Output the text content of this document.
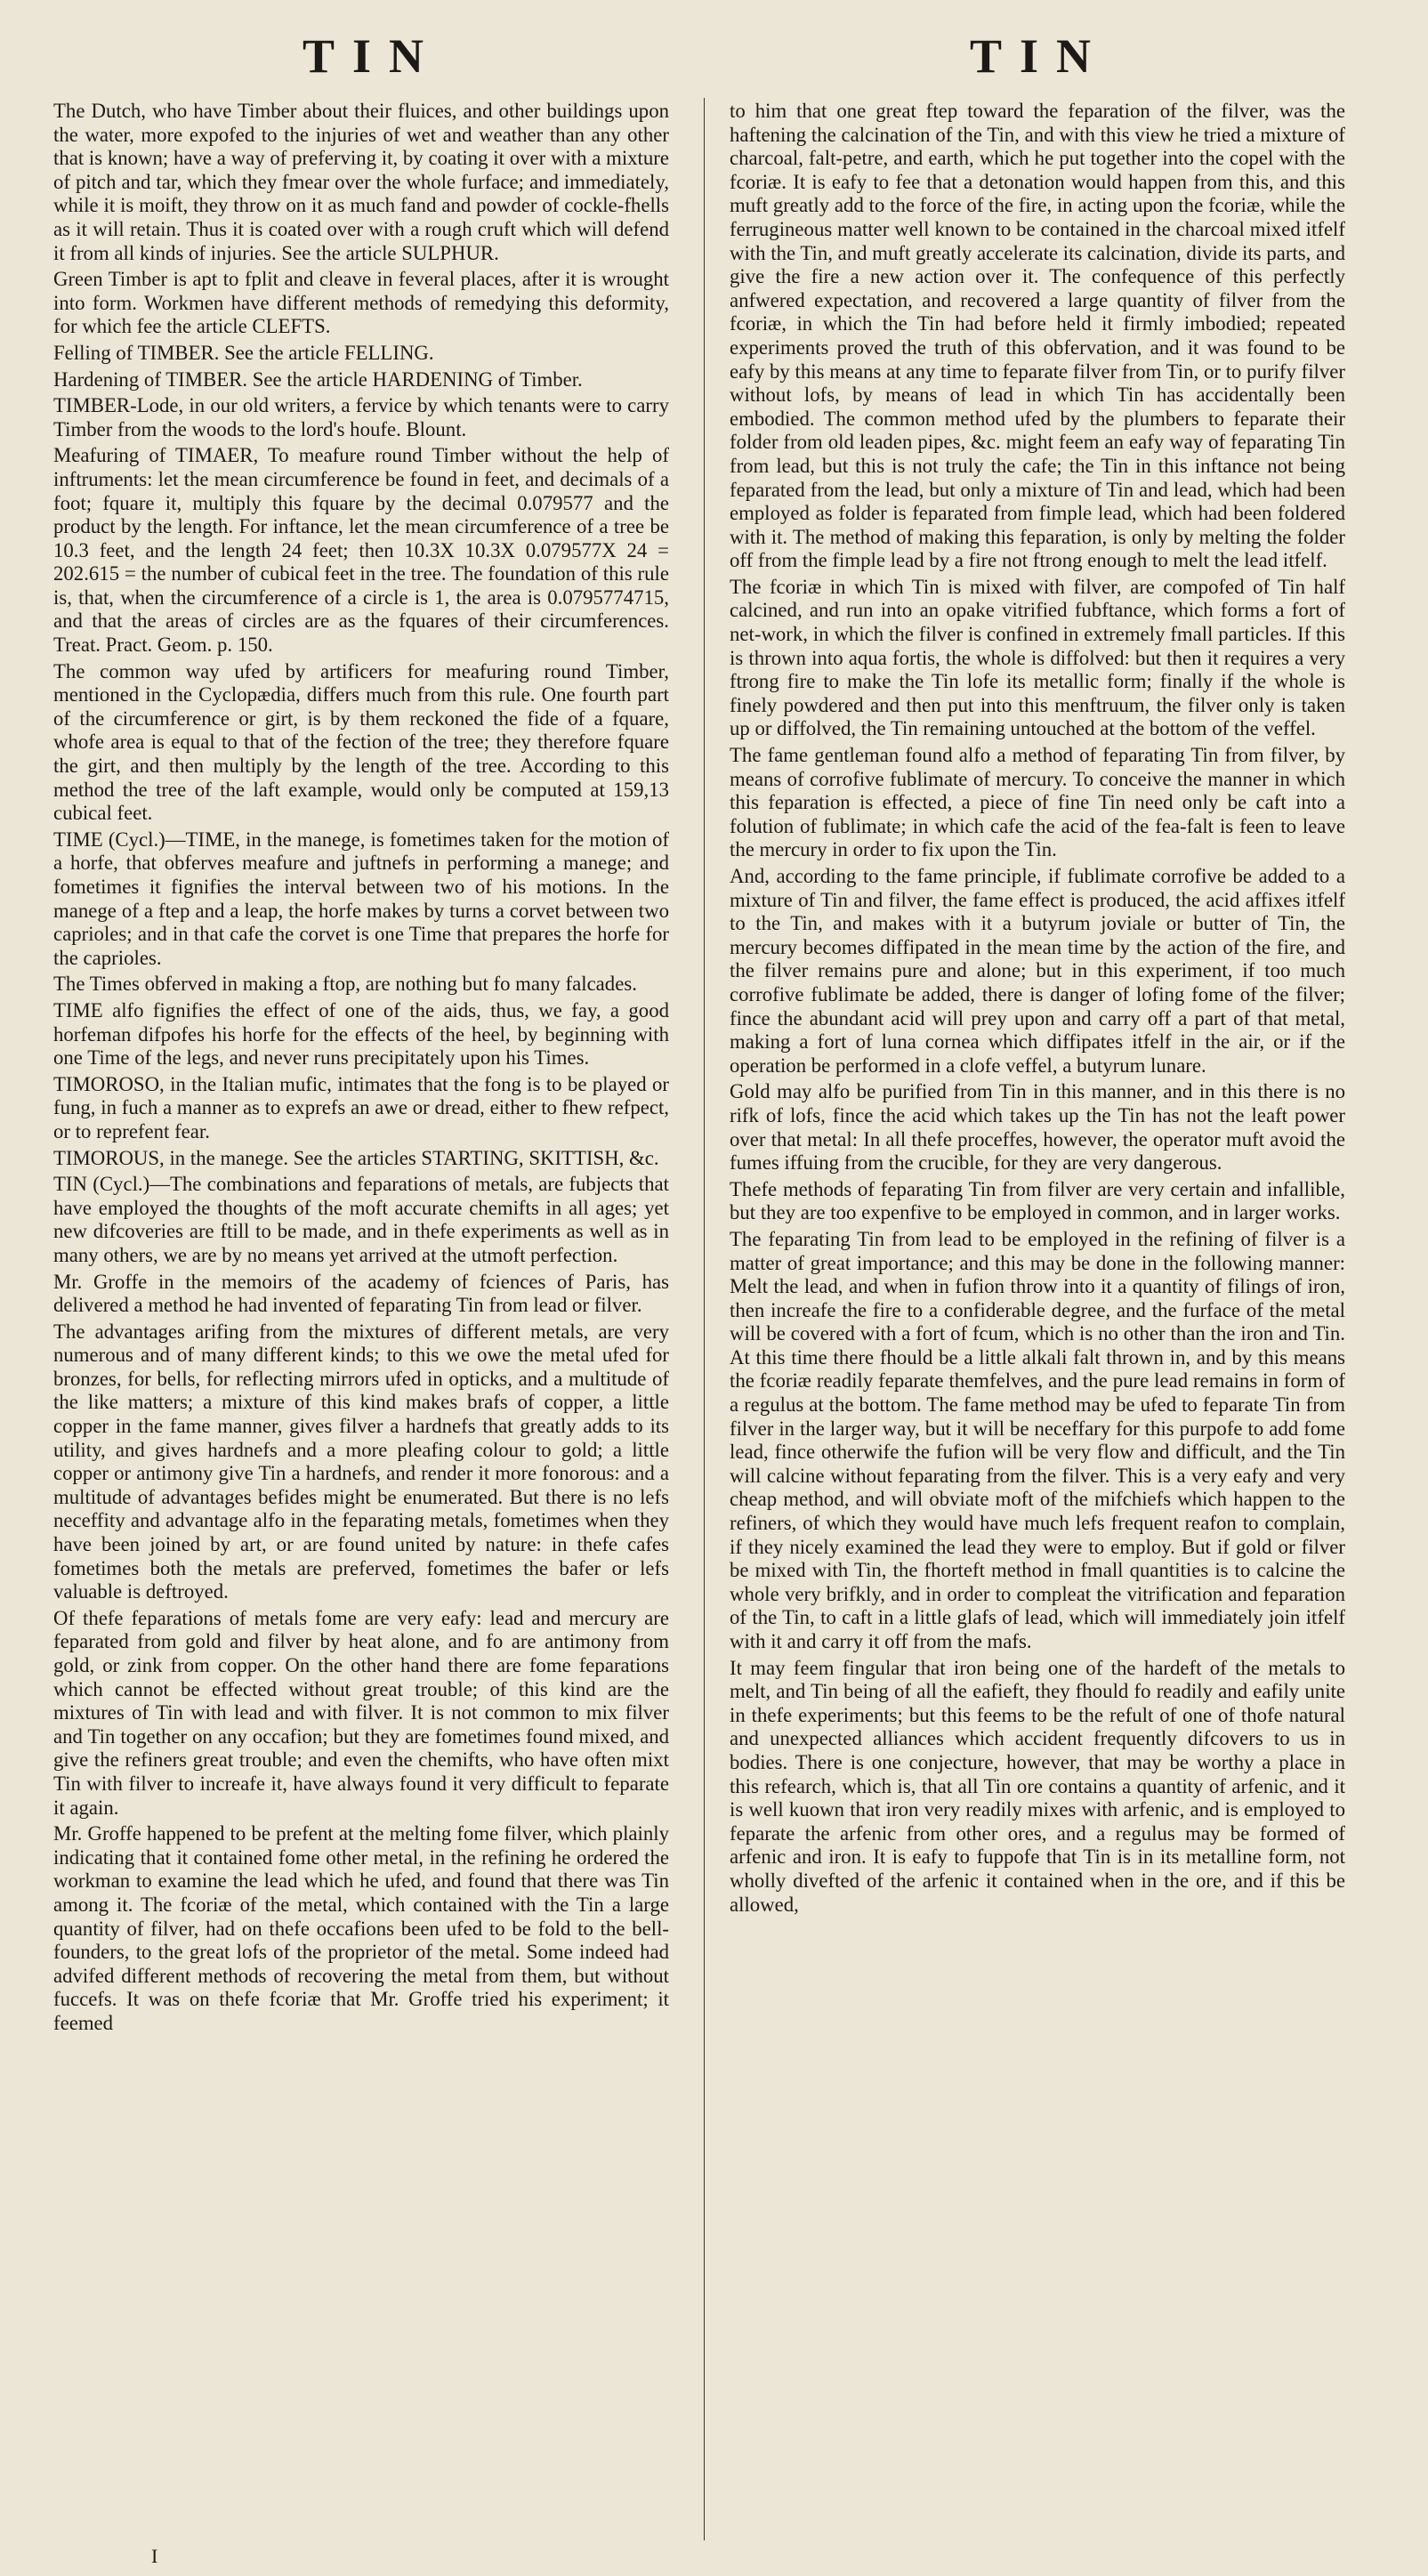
TIN	TIN

The Dutch, who have Timber about their fluices, and other buildings upon the water, more expofed to the injuries of wet and weather than any other that is known; have a way of preferving it, by coating it over with a mixture of pitch and tar, which they fmear over the whole furface; and immediately, while it is moift, they throw on it as much fand and powder of cockle-fhells as it will retain. Thus it is coated over with a rough cruft which will defend it from all kinds of injuries. See the article SULPHUR.

Green Timber is apt to fplit and cleave in feveral places, after it is wrought into form. Workmen have different methods of remedying this deformity, for which fee the article CLEFTS.

Felling of TIMBER. See the article FELLING.

Hardening of TIMBER. See the article HARDENING of Timber.

TIMBER-Lode, in our old writers, a fervice by which tenants were to carry Timber from the woods to the lord's houfe. Blount.

Meafuring of TIMAER, To meafure round Timber without the help of inftruments: let the mean circumference be found in feet, and decimals of a foot; fquare it, multiply this fquare by the decimal 0.079577 and the product by the length. For inftance, let the mean circumference of a tree be 10.3 feet, and the length 24 feet; then 10.3X 10.3X 0.079577X 24 = 202.615 = the number of cubical feet in the tree. The foundation of this rule is, that, when the circumference of a circle is 1, the area is 0.0795774715, and that the areas of circles are as the fquares of their circumferences. Treat. Pract. Geom. p. 150.

The common way ufed by artificers for meafuring round Timber, mentioned in the Cyclopædia, differs much from this rule. One fourth part of the circumference or girt, is by them reckoned the fide of a fquare, whofe area is equal to that of the fection of the tree; they therefore fquare the girt, and then multiply by the length of the tree. According to this method the tree of the laft example, would only be computed at 159,13 cubical feet.

TIME (Cycl.)—TIME, in the manege, is fometimes taken for the motion of a horfe, that obferves meafure and juftnefs in performing a manege; and fometimes it fignifies the interval between two of his motions. In the manege of a ftep and a leap, the horfe makes by turns a corvet between two caprioles; and in that cafe the corvet is one Time that prepares the horfe for the caprioles.

The Times obferved in making a ftop, are nothing but fo many falcades.

TIME alfo fignifies the effect of one of the aids, thus, we fay, a good horfeman difpofes his horfe for the effects of the heel, by beginning with one Time of the legs, and never runs precipitately upon his Times.

TIMOROSO, in the Italian mufic, intimates that the fong is to be played or fung, in fuch a manner as to exprefs an awe or dread, either to fhew refpect, or to reprefent fear.

TIMOROUS, in the manege. See the articles STARTING, SKITTISH, &c.

TIN (Cycl.)—The combinations and feparations of metals, are fubjects that have employed the thoughts of the moft accurate chemifts in all ages; yet new difcoveries are ftill to be made, and in thefe experiments as well as in many others, we are by no means yet arrived at the utmoft perfection.

Mr. Groffe in the memoirs of the academy of fciences of Paris, has delivered a method he had invented of feparating Tin from lead or filver.

The advantages arifing from the mixtures of different metals, are very numerous and of many different kinds; to this we owe the metal ufed for bronzes, for bells, for reflecting mirrors ufed in opticks, and a multitude of the like matters; a mixture of this kind makes brafs of copper, a little copper in the fame manner, gives filver a hardnefs that greatly adds to its utility, and gives hardnefs and a more pleafing colour to gold; a little copper or antimony give Tin a hardnefs, and render it more fonorous: and a multitude of advantages befides might be enumerated. But there is no lefs neceffity and advantage alfo in the feparating metals, fometimes when they have been joined by art, or are found united by nature: in thefe cafes fometimes both the metals are preferved, fometimes the bafer or lefs valuable is deftroyed.

Of thefe feparations of metals fome are very eafy: lead and mercury are feparated from gold and filver by heat alone, and fo are antimony from gold, or zink from copper. On the other hand there are fome feparations which cannot be effected without great trouble; of this kind are the mixtures of Tin with lead and with filver. It is not common to mix filver and Tin together on any occafion; but they are fometimes found mixed, and give the refiners great trouble; and even the chemifts, who have often mixt Tin with filver to increafe it, have always found it very difficult to feparate it again.

Mr. Groffe happened to be prefent at the melting fome filver, which plainly indicating that it contained fome other metal, in the refining he ordered the workman to examine the lead which he ufed, and found that there was Tin among it. The fcoriæ of the metal, which contained with the Tin a large quantity of filver, had on thefe occafions been ufed to be fold to the bell-founders, to the great lofs of the proprietor of the metal. Some indeed had advifed different methods of recovering the metal from them, but without fuccefs. It was on thefe fcoriæ that Mr. Groffe tried his experiment; it feemed

to him that one great ftep toward the feparation of the filver, was the haftening the calcination of the Tin, and with this view he tried a mixture of charcoal, falt-petre, and earth, which he put together into the copel with the fcoriæ. It is eafy to fee that a detonation would happen from this, and this muft greatly add to the force of the fire, in acting upon the fcoriæ, while the ferrugineous matter well known to be contained in the charcoal mixed itfelf with the Tin, and muft greatly accelerate its calcination, divide its parts, and give the fire a new action over it. The confequence of this perfectly anfwered expectation, and recovered a large quantity of filver from the fcoriæ, in which the Tin had before held it firmly imbodied; repeated experiments proved the truth of this obfervation, and it was found to be eafy by this means at any time to feparate filver from Tin, or to purify filver without lofs, by means of lead in which Tin has accidentally been embodied. The common method ufed by the plumbers to feparate their folder from old leaden pipes, &c. might feem an eafy way of feparating Tin from lead, but this is not truly the cafe; the Tin in this inftance not being feparated from the lead, but only a mixture of Tin and lead, which had been employed as folder is feparated from fimple lead, which had been foldered with it. The method of making this feparation, is only by melting the folder off from the fimple lead by a fire not ftrong enough to melt the lead itfelf.

The fcoriæ in which Tin is mixed with filver, are compofed of Tin half calcined, and run into an opake vitrified fubftance, which forms a fort of net-work, in which the filver is confined in extremely fmall particles. If this is thrown into aqua fortis, the whole is diffolved: but then it requires a very ftrong fire to make the Tin lofe its metallic form; finally if the whole is finely powdered and then put into this menftruum, the filver only is taken up or diffolved, the Tin remaining untouched at the bottom of the veffel.

The fame gentleman found alfo a method of feparating Tin from filver, by means of corrofive fublimate of mercury. To conceive the manner in which this feparation is effected, a piece of fine Tin need only be caft into a folution of fublimate; in which cafe the acid of the fea-falt is feen to leave the mercury in order to fix upon the Tin.

And, according to the fame principle, if fublimate corrofive be added to a mixture of Tin and filver, the fame effect is produced, the acid affixes itfelf to the Tin, and makes with it a butyrum joviale or butter of Tin, the mercury becomes diffipated in the mean time by the action of the fire, and the filver remains pure and alone; but in this experiment, if too much corrofive fublimate be added, there is danger of lofing fome of the filver; fince the abundant acid will prey upon and carry off a part of that metal, making a fort of luna cornea which diffipates itfelf in the air, or if the operation be performed in a clofe veffel, a butyrum lunare.

Gold may alfo be purified from Tin in this manner, and in this there is no rifk of lofs, fince the acid which takes up the Tin has not the leaft power over that metal: In all thefe proceffes, however, the operator muft avoid the fumes iffuing from the crucible, for they are very dangerous.

Thefe methods of feparating Tin from filver are very certain and infallible, but they are too expenfive to be employed in common, and in larger works.

The feparating Tin from lead to be employed in the refining of filver is a matter of great importance; and this may be done in the following manner: Melt the lead, and when in fufion throw into it a quantity of filings of iron, then increafe the fire to a confiderable degree, and the furface of the metal will be covered with a fort of fcum, which is no other than the iron and Tin. At this time there fhould be a little alkali falt thrown in, and by this means the fcoriæ readily feparate themfelves, and the pure lead remains in form of a regulus at the bottom. The fame method may be ufed to feparate Tin from filver in the larger way, but it will be neceffary for this purpofe to add fome lead, fince otherwife the fufion will be very flow and difficult, and the Tin will calcine without feparating from the filver. This is a very eafy and very cheap method, and will obviate moft of the mifchiefs which happen to the refiners, of which they would have much lefs frequent reafon to complain, if they nicely examined the lead they were to employ. But if gold or filver be mixed with Tin, the fhorteft method in fmall quantities is to calcine the whole very brifkly, and in order to compleat the vitrification and feparation of the Tin, to caft in a little glafs of lead, which will immediately join itfelf with it and carry it off from the mafs.

It may feem fingular that iron being one of the hardeft of the metals to melt, and Tin being of all the eafieft, they fhould fo readily and eafily unite in thefe experiments; but this feems to be the refult of one of thofe natural and unexpected alliances which accident frequently difcovers to us in bodies. There is one conjecture, however, that may be worthy a place in this refearch, which is, that all Tin ore contains a quantity of arfenic, and it is well kuown that iron very readily mixes with arfenic, and is employed to feparate the arfenic from other ores, and a regulus may be formed of arfenic and iron. It is eafy to fuppofe that Tin is in its metalline form, not wholly divefted of the arfenic it contained when in the ore, and if this be allowed,

I
